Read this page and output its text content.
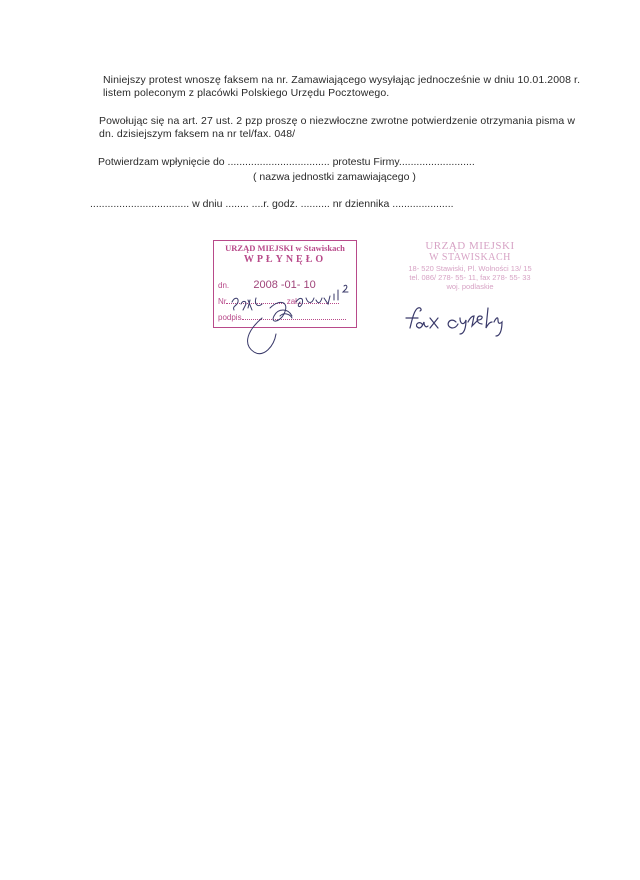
Niniejszy protest wnoszę faksem na nr. Zamawiającego wysyłając jednocześnie w dniu 10.01.2008 r. listem poleconym z placówki Polskiego Urzędu Pocztowego.
Powołując się na art. 27 ust. 2 pzp proszę o niezwłoczne zwrotne potwierdzenie otrzymania pisma w dn. dzisiejszym faksem na nr tel/fax. 048/
Potwierdzam wpłynięcie do ................................... protestu Firmy..........................
( nazwa jednostki zamawiającego )
.................................. w dniu ........ ....r. godz. .......... nr dziennika .....................
URZĄD MIEJSKI w Stawiskach
WPŁYNĘŁO
dn. 2008 -01- 10
Nr	zał.
podpis
URZĄD MIEJSKI
W STAWISKACH
18- 520 Stawiski, Pl. Wolności 13/ 15
tel. 086/ 278- 55- 11, fax 278- 55- 33
woj. podlaskie
